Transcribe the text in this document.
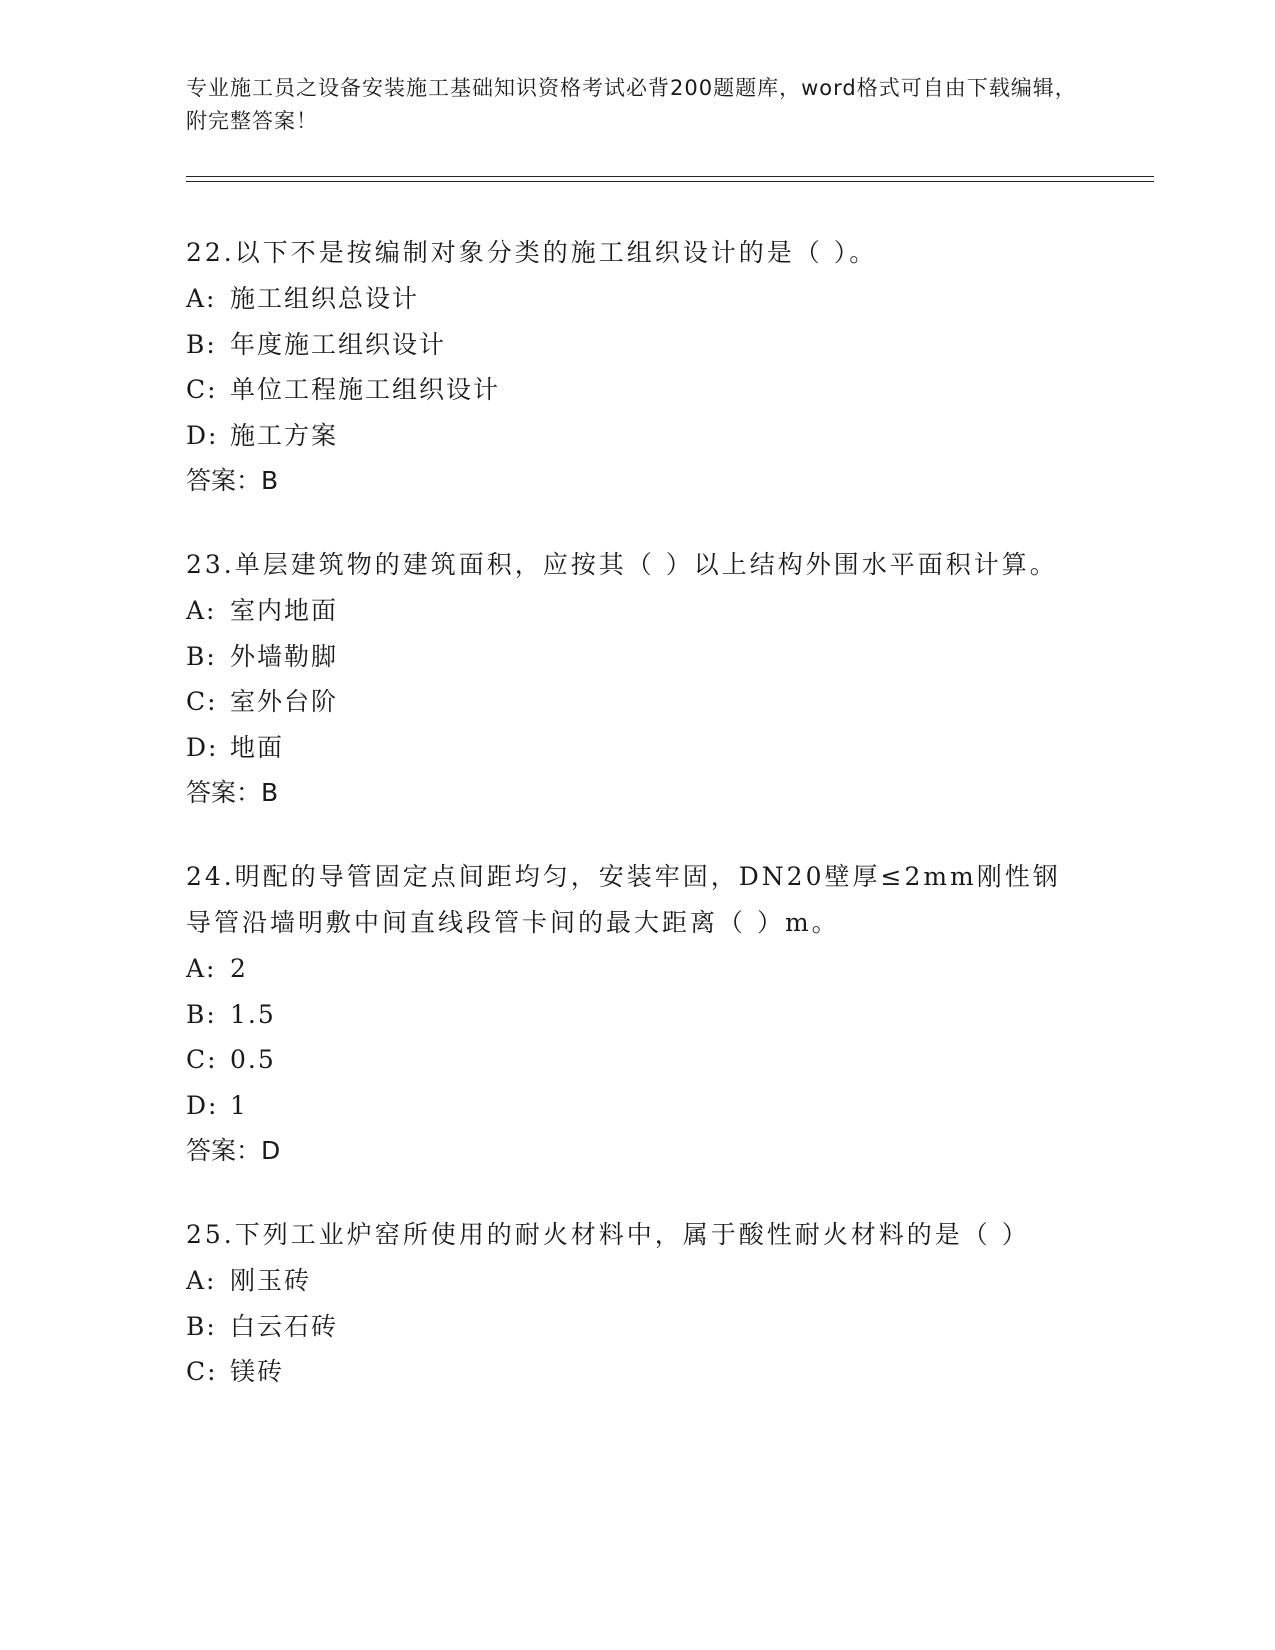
专业施工员之设备安装施工基础知识资格考试必背200题题库，word格式可自由下载编辑，附完整答案！

22.以下不是按编制对象分类的施工组织设计的是（ ）。

A: 施工组织总设计
B: 年度施工组织设计
C: 单位工程施工组织设计
D: 施工方案

答案：B

23.单层建筑物的建筑面积，应按其（ ）以上结构外围水平面积计算。

A: 室内地面
B: 外墙勒脚
C: 室外台阶
D: 地面

答案：B

24.明配的导管固定点间距均匀，安装牢固，DN20壁厚≤2mm刚性钢导管沿墙明敷中间直线段管卡间的最大距离（ ）m。

A: 2
B: 1.5
C: 0.5
D: 1

答案：D

25.下列工业炉窑所使用的耐火材料中，属于酸性耐火材料的是（ ）

A: 刚玉砖
B: 白云石砖
C: 镁砖
